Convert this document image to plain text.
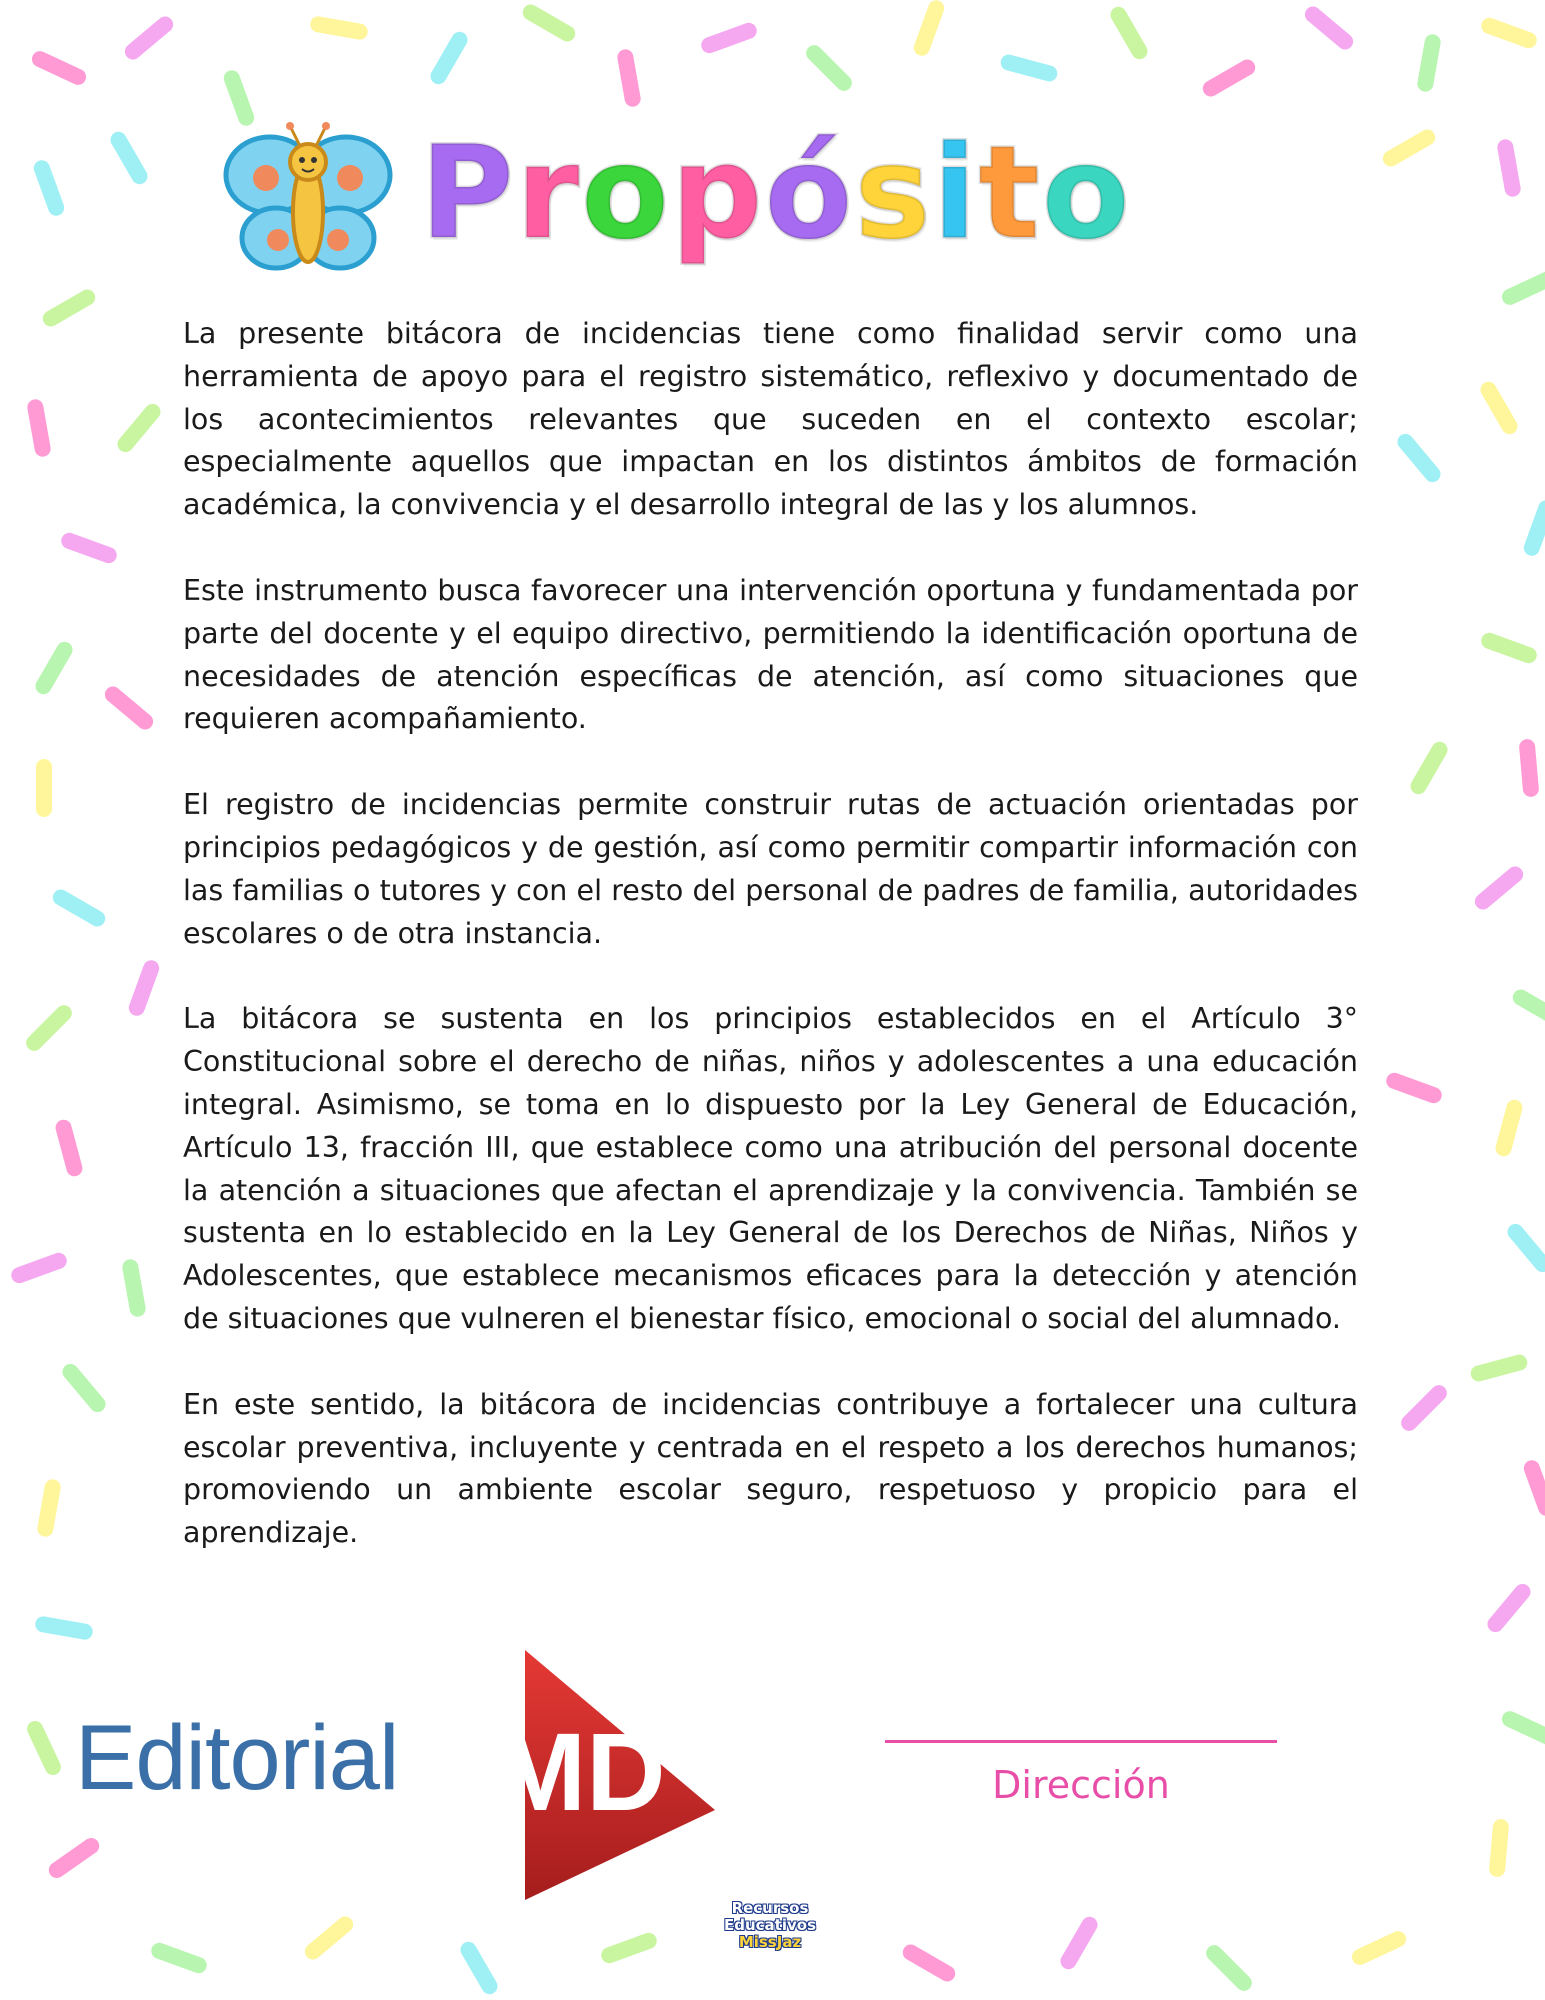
Propósito

La presente bitácora de incidencias tiene como finalidad servir como una herramienta de apoyo para el registro sistemático, reflexivo y documentado de los acontecimientos relevantes que suceden en el contexto escolar; especialmente aquellos que impactan en los distintos ámbitos de formación académica, la convivencia y el desarrollo integral de las y los alumnos.

Este instrumento busca favorecer una intervención oportuna y fundamentada por parte del docente y el equipo directivo, permitiendo la identificación oportuna de necesidades de atención específicas de atención, así como situaciones que requieren acompañamiento.

El registro de incidencias permite construir rutas de actuación orientadas por principios pedagógicos y de gestión, así como permitir compartir información con las familias o tutores y con el resto del personal de padres de familia, autoridades escolares o de otra instancia.

La bitácora se sustenta en los principios establecidos en el Artículo 3° Constitucional sobre el derecho de niñas, niños y adolescentes a una educación integral. Asimismo, se toma en lo dispuesto por la Ley General de Educación, Artículo 13, fracción III, que establece como una atribución del personal docente la atención a situaciones que afectan el aprendizaje y la convivencia. También se sustenta en lo establecido en la Ley General de los Derechos de Niñas, Niños y Adolescentes, que establece mecanismos eficaces para la detección y atención de situaciones que vulneren el bienestar físico, emocional o social del alumnado.

En este sentido, la bitácora de incidencias contribuye a fortalecer una cultura escolar preventiva, incluyente y centrada en el respeto a los derechos humanos; promoviendo un ambiente escolar seguro, respetuoso y propicio para el aprendizaje.

Editorial MD	Dirección
Recursos
Educativos
MissJaz
